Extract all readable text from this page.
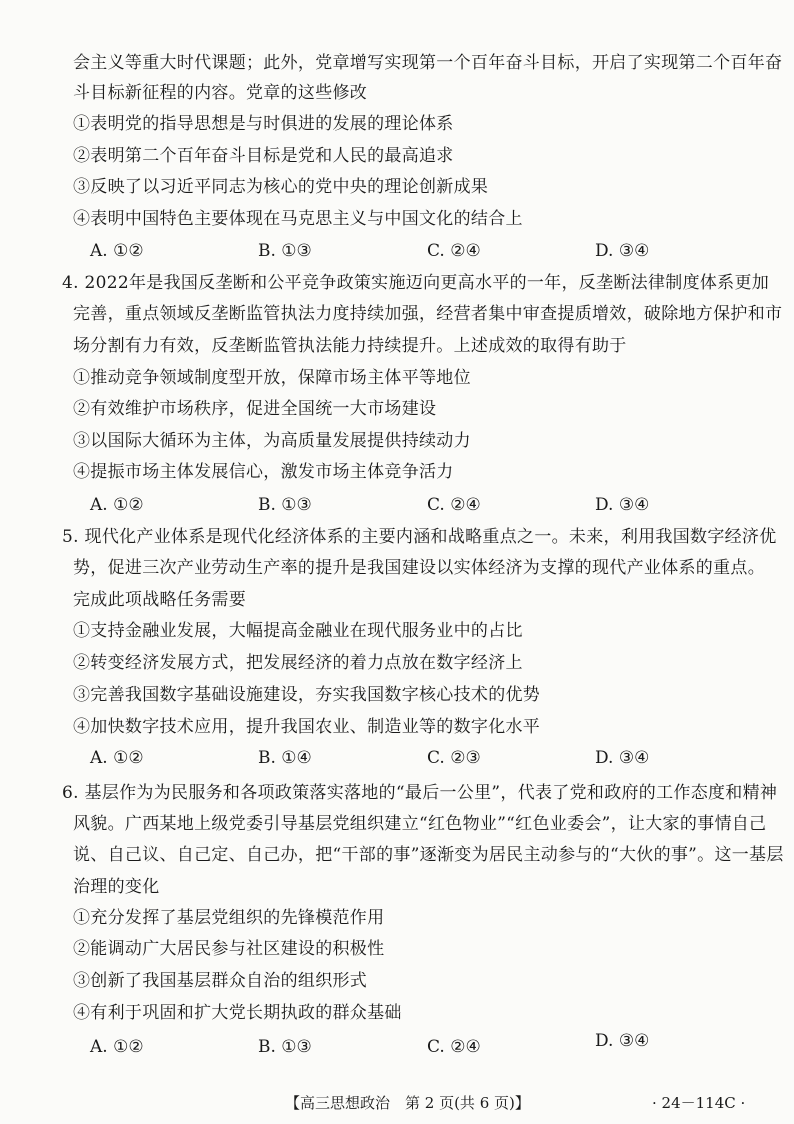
会主义等重大时代课题；此外，党章增写实现第一个百年奋斗目标，开启了实现第二个百年奋
斗目标新征程的内容。党章的这些修改
①表明党的指导思想是与时俱进的发展的理论体系
②表明第二个百年奋斗目标是党和人民的最高追求
③反映了以习近平同志为核心的党中央的理论创新成果
④表明中国特色主要体现在马克思主义与中国文化的结合上
A. ①②	B. ①③	C. ②④	D. ③④
4. 2022年是我国反垄断和公平竞争政策实施迈向更高水平的一年，反垄断法律制度体系更加
完善，重点领域反垄断监管执法力度持续加强，经营者集中审查提质增效，破除地方保护和市
场分割有力有效，反垄断监管执法能力持续提升。上述成效的取得有助于
①推动竞争领域制度型开放，保障市场主体平等地位
②有效维护市场秩序，促进全国统一大市场建设
③以国际大循环为主体，为高质量发展提供持续动力
④提振市场主体发展信心，激发市场主体竞争活力
A. ①②	B. ①③	C. ②④	D. ③④
5. 现代化产业体系是现代化经济体系的主要内涵和战略重点之一。未来，利用我国数字经济优
势，促进三次产业劳动生产率的提升是我国建设以实体经济为支撑的现代产业体系的重点。
完成此项战略任务需要
①支持金融业发展，大幅提高金融业在现代服务业中的占比
②转变经济发展方式，把发展经济的着力点放在数字经济上
③完善我国数字基础设施建设，夯实我国数字核心技术的优势
④加快数字技术应用，提升我国农业、制造业等的数字化水平
A. ①②	B. ①④	C. ②③	D. ③④
6. 基层作为为民服务和各项政策落实落地的“最后一公里”，代表了党和政府的工作态度和精神
风貌。广西某地上级党委引导基层党组织建立“红色物业”“红色业委会”，让大家的事情自己
说、自己议、自己定、自己办，把“干部的事”逐渐变为居民主动参与的“大伙的事”。这一基层
治理的变化
①充分发挥了基层党组织的先锋模范作用
②能调动广大居民参与社区建设的积极性
③创新了我国基层群众自治的组织形式
④有利于巩固和扩大党长期执政的群众基础
A. ①②	B. ①③	C. ②④	D. ③④
【高三思想政治　第 2 页(共 6 页)】	· 24－114C ·
